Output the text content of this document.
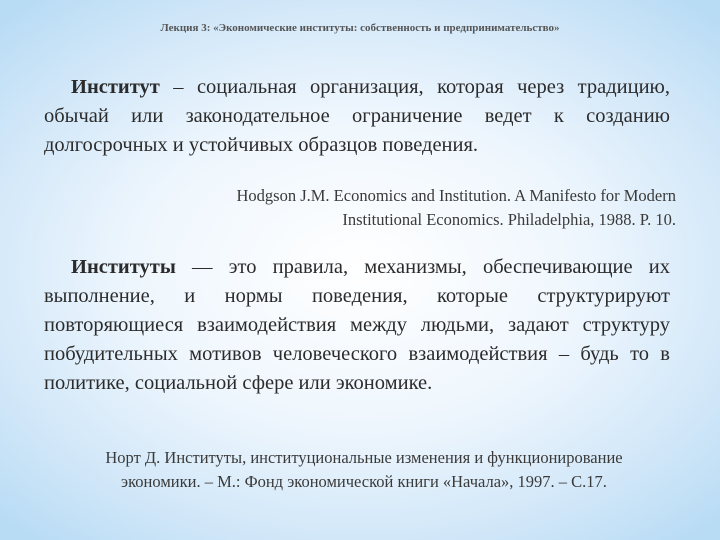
Лекция 3: «Экономические институты: собственность и предпринимательство»

Институт – социальная организация, которая через традицию, обычай или законодательное ограничение ведет к созданию долгосрочных и устойчивых образцов поведения.

Hodgson J.M. Economics and Institution. A Manifesto for Modern
Institutional Economics. Philadelphia, 1988. P. 10.

Институты — это правила, механизмы, обеспечивающие их выполнение, и нормы поведения, которые структурируют повторяющиеся взаимодействия между людьми, задают структуру побудительных мотивов человеческого взаимодействия – будь то в политике, социальной сфере или экономике.

Норт Д. Институты, институциональные изменения и функционирование
экономики. – М.: Фонд экономической книги «Начала», 1997. – С.17.
